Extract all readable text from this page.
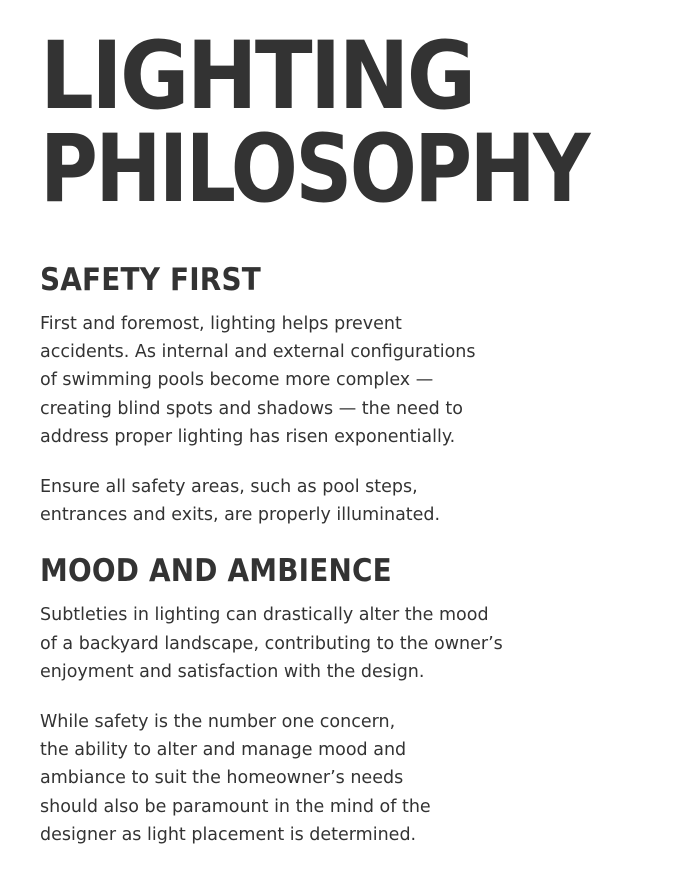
LIGHTING
PHILOSOPHY
SAFETY FIRST

First and foremost, lighting helps prevent
accidents. As internal and external configurations
of swimming pools become more complex —
creating blind spots and shadows — the need to
address proper lighting has risen exponentially.

Ensure all safety areas, such as pool steps,
entrances and exits, are properly illuminated.

MOOD AND AMBIENCE

Subtleties in lighting can drastically alter the mood
of a backyard landscape, contributing to the owner’s
enjoyment and satisfaction with the design.

While safety is the number one concern,
the ability to alter and manage mood and
ambiance to suit the homeowner’s needs
should also be paramount in the mind of the
designer as light placement is determined.
